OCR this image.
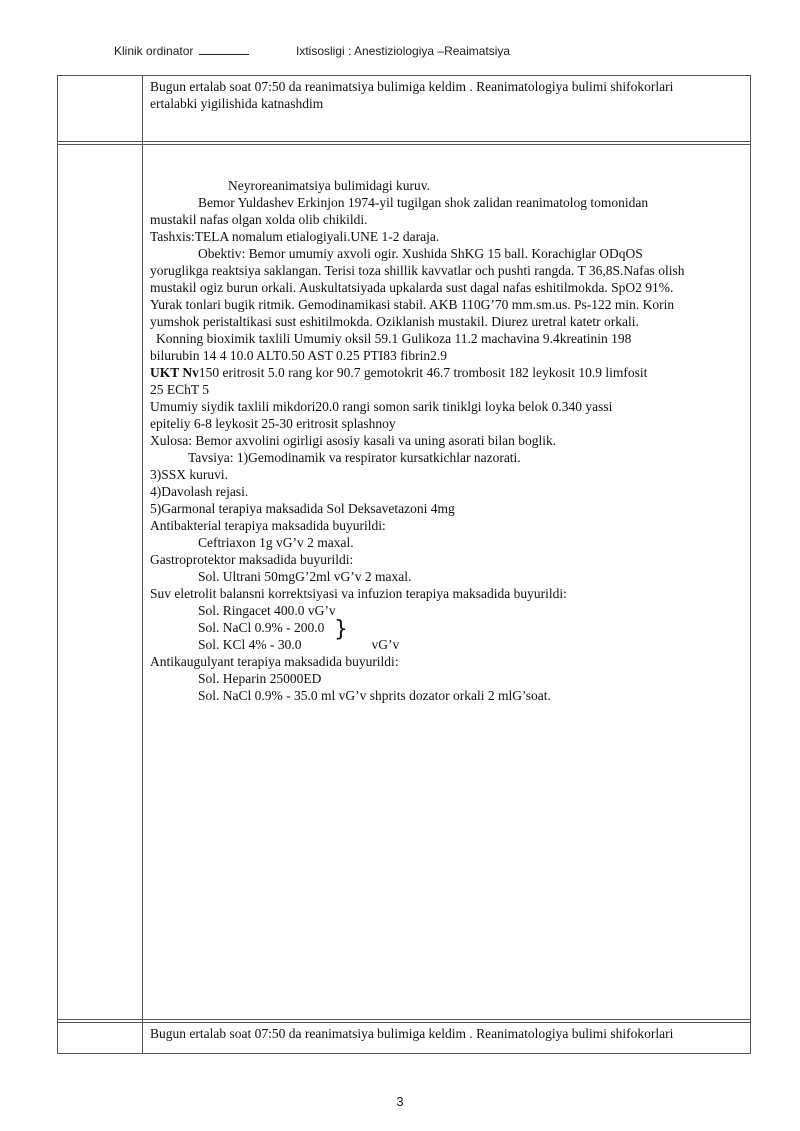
Klinik ordinator	Ixtisosligi : Anestiziologiya –Reaimatsiya
Bugun ertalab soat 07:50 da reanimatsiya bulimiga keldim . Reanimatologiya bulimi shifokorlari
ertalabki yigilishida katnashdim
Neyroreanimatsiya bulimidagi kuruv.
Bemor Yuldashev Erkinjon 1974-yil tugilgan shok zalidan reanimatolog tomonidan
mustakil nafas olgan xolda olib chikildi.
Tashxis:TELA nomalum etialogiyali.UNE 1-2 daraja.
Obektiv: Bemor umumiy axvoli ogir. Xushida ShKG 15 ball. Korachiglar ODqOS
yoruglikga reaktsiya saklangan. Terisi toza shillik kavvatlar och pushti rangda. T 36,8S.Nafas olish
mustakil ogiz burun orkali. Auskultatsiyada upkalarda sust dagal nafas eshitilmokda. SpO2 91%.
Yurak tonlari bugik ritmik. Gemodinamikasi stabil. AKB 110G’70 mm.sm.us. Ps-122 min. Korin
yumshok peristaltikasi sust eshitilmokda. Oziklanish mustakil. Diurez uretral katetr orkali.
Konning bioximik taxlili Umumiy oksil 59.1 Gulikoza 11.2 machavina 9.4kreatinin 198
bilurubin 14 4 10.0 ALT0.50 AST 0.25 PTI83 fibrin2.9
UKT Nv150 eritrosit 5.0 rang kor 90.7 gemotokrit 46.7 trombosit 182 leykosit 10.9 limfosit
25 EChT 5
Umumiy siydik taxlili mikdori20.0 rangi somon sarik tiniklgi loyka belok 0.340 yassi
epiteliy 6-8 leykosit 25-30 eritrosit splashnoy
Xulosa: Bemor axvolini ogirligi asosiy kasali va uning asorati bilan boglik.
Tavsiya: 1)Gemodinamik va respirator kursatkichlar nazorati.
3)SSX kuruvi.
4)Davolash rejasi.
5)Garmonal terapiya maksadida Sol Deksavetazoni 4mg
Antibakterial terapiya maksadida buyurildi:
Ceftriaxon 1g vG’v 2 maxal.
Gastroprotektor maksadida buyurildi:
Sol. Ultrani 50mgG’2ml vG’v 2 maxal.
Suv eletrolit balansni korrektsiyasi va infuzion terapiya maksadida buyurildi:
Sol. Ringacet 400.0 vG’v
Sol. NaCl 0.9% - 200.0
Sol. KCl 4% - 30.0	vG’v
Antikaugulyant terapiya maksadida buyurildi:
Sol. Heparin 25000ED
Sol. NaCl 0.9% - 35.0 ml vG’v shprits dozator orkali 2 mlG’soat.
}
Bugun ertalab soat 07:50 da reanimatsiya bulimiga keldim . Reanimatologiya bulimi shifokorlari
3
